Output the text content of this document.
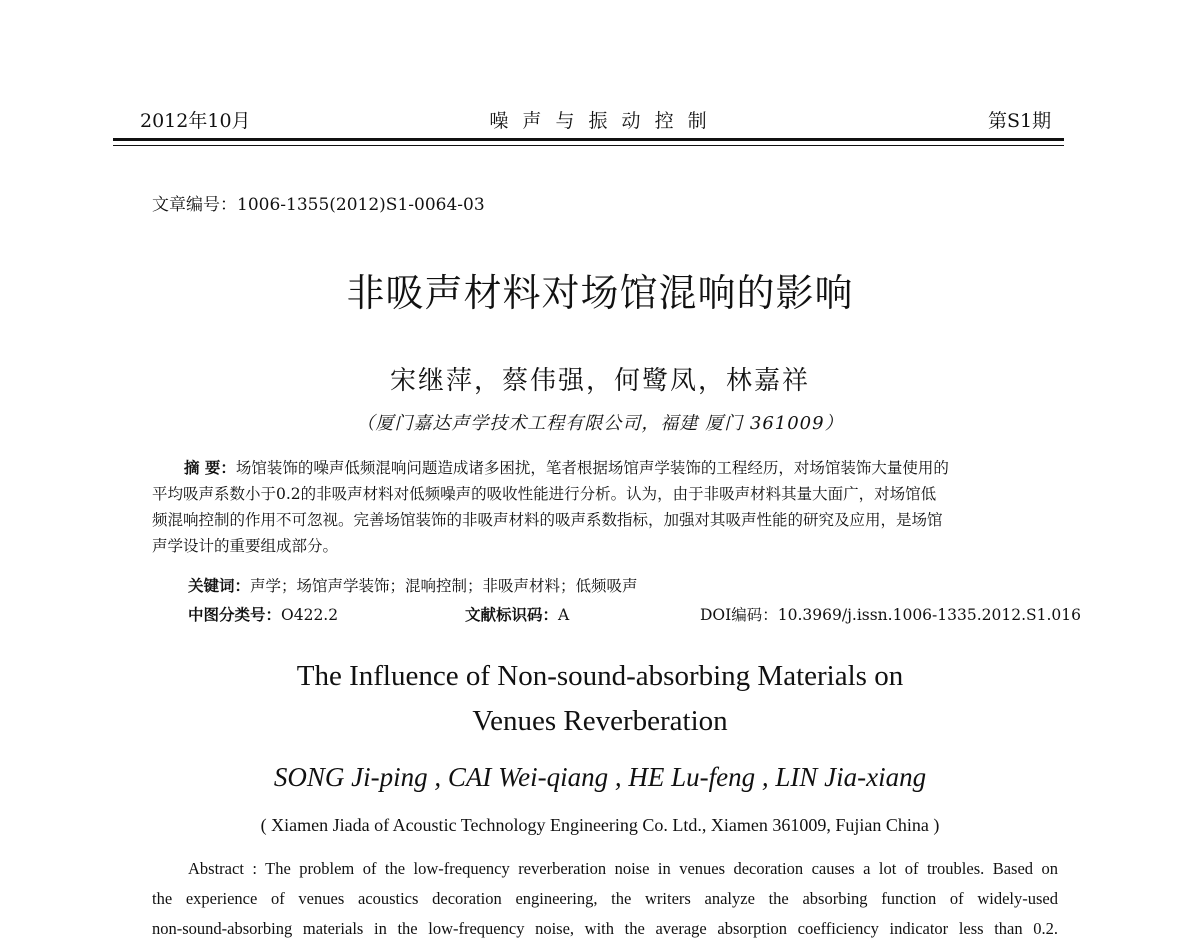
2012年10月	噪 声 与 振 动 控 制	第S1期
文章编号：1006-1355(2012)S1-0064-03
非吸声材料对场馆混响的影响
宋继萍，蔡伟强，何鹭凤，林嘉祥
（厦门嘉达声学技术工程有限公司，福建 厦门 361009）
摘 要：场馆装饰的噪声低频混响问题造成诸多困扰，笔者根据场馆声学装饰的工程经历，对场馆装饰大量使用的
平均吸声系数小于0.2的非吸声材料对低频噪声的吸收性能进行分析。认为，由于非吸声材料其量大面广，对场馆低
频混响控制的作用不可忽视。完善场馆装饰的非吸声材料的吸声系数指标，加强对其吸声性能的研究及应用，是场馆
声学设计的重要组成部分。
关键词：声学；场馆声学装饰；混响控制；非吸声材料；低频吸声
中图分类号：O422.2	文献标识码：A	DOI编码：10.3969/j.issn.1006-1335.2012.S1.016
The Influence of Non-sound-absorbing Materials on
Venues Reverberation
SONG Ji-ping , CAI Wei-qiang , HE Lu-feng , LIN Jia-xiang
( Xiamen Jiada of Acoustic Technology Engineering Co. Ltd., Xiamen 361009, Fujian China )
Abstract : The problem of the low-frequency reverberation noise in venues decoration causes a lot of troubles. Based on
the experience of venues acoustics decoration engineering, the writers analyze the absorbing function of widely-used
non-sound-absorbing materials in the low-frequency noise, with the average absorption coefficiency indicator less than 0.2.
